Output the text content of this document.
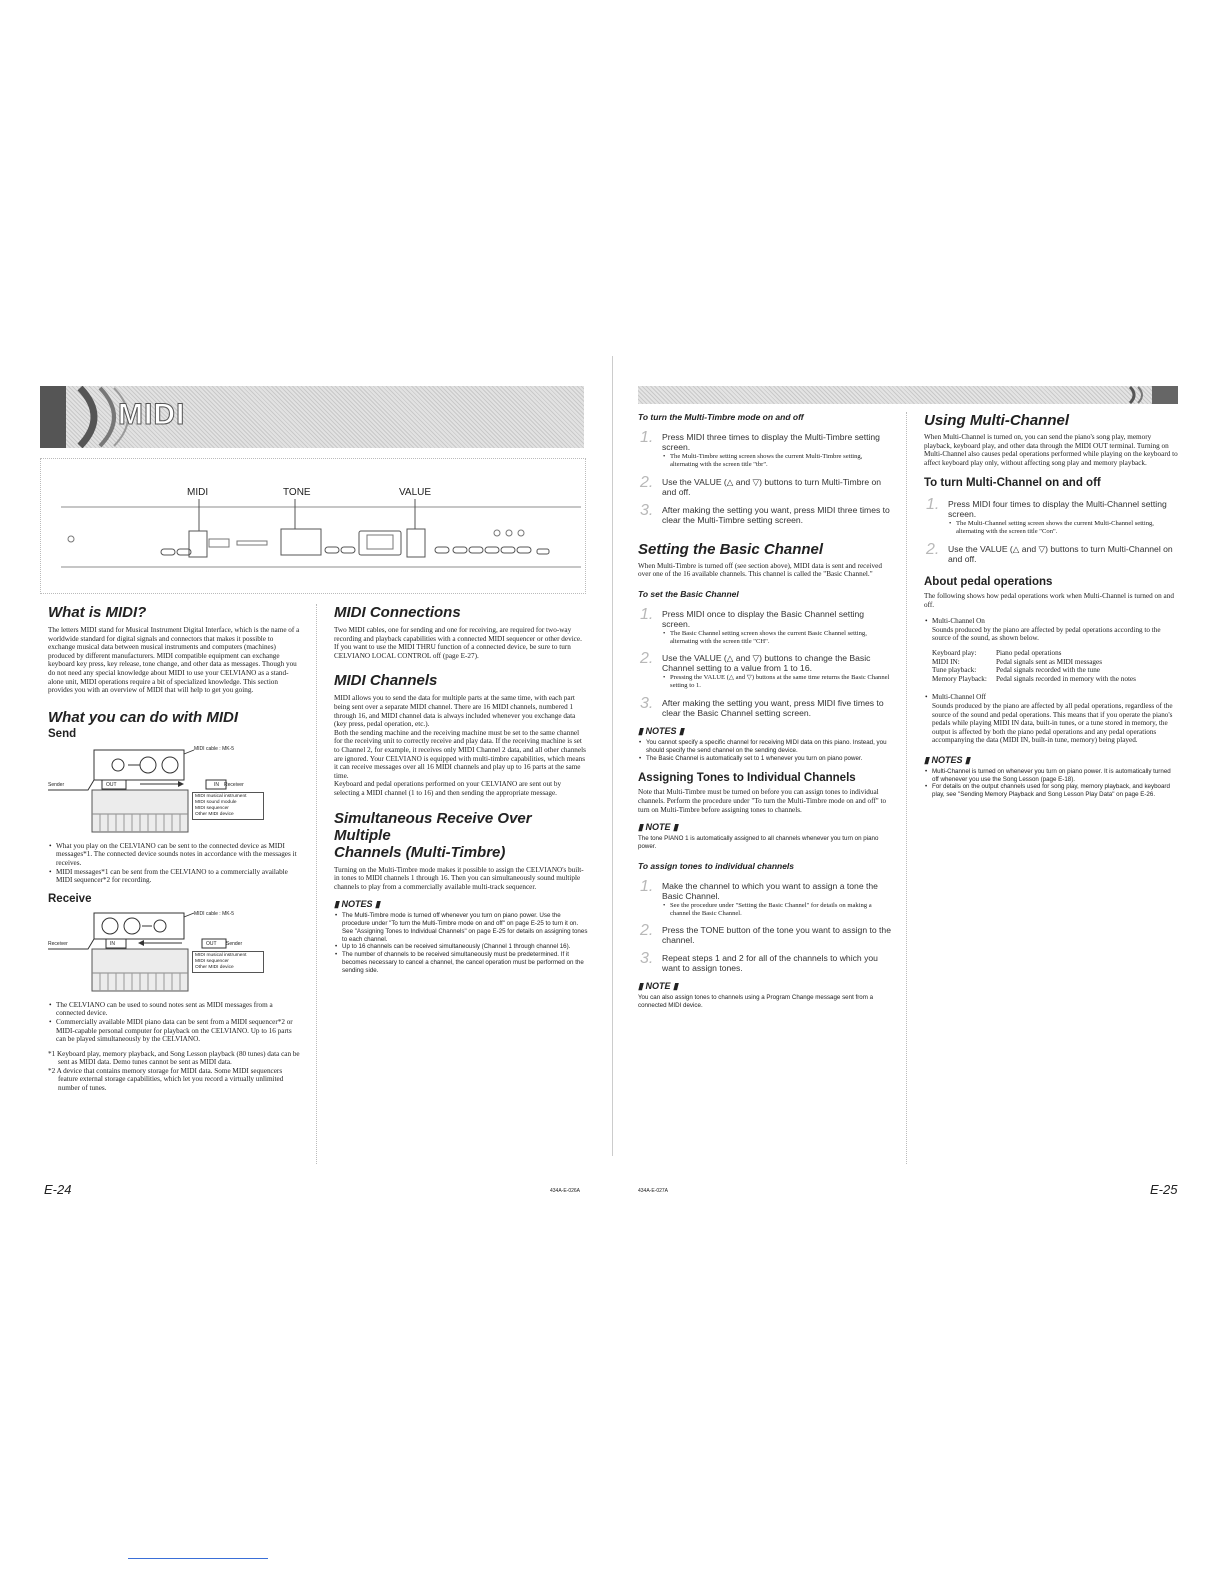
MIDI
MIDI	TONE	VALUE
What is MIDI?

The letters MIDI stand for Musical Instrument Digital Interface, which is the name of a worldwide standard for digital signals and connectors that makes it possible to exchange musical data between musical instruments and computers (machines) produced by different manufacturers. MIDI compatible equipment can exchange keyboard key press, key release, tone change, and other data as messages. Though you do not need any special knowledge about MIDI to use your CELVIANO as a stand-alone unit, MIDI operations require a bit of specialized knowledge. This section provides you with an overview of MIDI that will help to get you going.

What you can do with MIDI
Send
MIDI cable : MK-5
Sender	OUT	IN Receiver
MIDI musical instrument
MIDI sound module
MIDI sequencer
Other MIDI device
• What you play on the CELVIANO can be sent to the connected device as MIDI messages*1. The connected device sounds notes in accordance with the messages it receives.
• MIDI messages*1 can be sent from the CELVIANO to a commercially available MIDI sequencer*2 for recording.
Receive
MIDI cable : MK-5
Receiver	IN	OUT Sender
MIDI musical instrument
MIDI sequencer
Other MIDI device
• The CELVIANO can be used to sound notes sent as MIDI messages from a connected device.
• Commercially available MIDI piano data can be sent from a MIDI sequencer*2 or MIDI-capable personal computer for playback on the CELVIANO. Up to 16 parts can be played simultaneously by the CELVIANO.

*1 Keyboard play, memory playback, and Song Lesson playback (80 tunes) data can be sent as MIDI data. Demo tunes cannot be sent as MIDI data.

*2 A device that contains memory storage for MIDI data. Some MIDI sequencers feature external storage capabilities, which let you record a virtually unlimited number of tunes.

MIDI Connections

Two MIDI cables, one for sending and one for receiving, are required for two-way recording and playback capabilities with a connected MIDI sequencer or other device. If you want to use the MIDI THRU function of a connected device, be sure to turn CELVIANO LOCAL CONTROL off (page E-27).

MIDI Channels

MIDI allows you to send the data for multiple parts at the same time, with each part being sent over a separate MIDI channel. There are 16 MIDI channels, numbered 1 through 16, and MIDI channel data is always included whenever you exchange data (key press, pedal operation, etc.).

Both the sending machine and the receiving machine must be set to the same channel for the receiving unit to correctly receive and play data. If the receiving machine is set to Channel 2, for example, it receives only MIDI Channel 2 data, and all other channels are ignored. Your CELVIANO is equipped with multi-timbre capabilities, which means it can receive messages over all 16 MIDI channels and play up to 16 parts at the same time.

Keyboard and pedal operations performed on your CELVIANO are sent out by selecting a MIDI channel (1 to 16) and then sending the appropriate message.

Simultaneous Receive Over Multiple
Channels (Multi-Timbre)

Turning on the Multi-Timbre mode makes it possible to assign the CELVIANO's built-in tones to MIDI channels 1 through 16. Then you can simultaneously sound multiple channels to play from a commercially available multi-track sequencer.

▮ NOTES ▮

• The Multi-Timbre mode is turned off whenever you turn on piano power. Use the procedure under "To turn the Multi-Timbre mode on and off" on page E-25 to turn it on. See "Assigning Tones to Individual Channels" on page E-25 for details on assigning tones to each channel.
• Up to 16 channels can be received simultaneously (Channel 1 through channel 16).
• The number of channels to be received simultaneously must be predetermined. If it becomes necessary to cancel a channel, the cancel operation must be performed on the sending side.
E-24	434A-E-026A
To turn the Multi-Timbre mode on and off
1. Press MIDI three times to display the Multi-Timbre setting screen.

• The Multi-Timbre setting screen shows the current Multi-Timbre setting, alternating with the screen title "tbr".
2. Use the VALUE (△ and ▽) buttons to turn Multi-Timbre on and off.

3. After making the setting you want, press MIDI three times to clear the Multi-Timbre setting screen.

Setting the Basic Channel

When Multi-Timbre is turned off (see section above), MIDI data is sent and received over one of the 16 available channels. This channel is called the "Basic Channel."

To set the Basic Channel
1. Press MIDI once to display the Basic Channel setting screen.

• The Basic Channel setting screen shows the current Basic Channel setting, alternating with the screen title "CH".
2. Use the VALUE (△ and ▽) buttons to change the Basic Channel setting to a value from 1 to 16.

• Pressing the VALUE (△ and ▽) buttons at the same time returns the Basic Channel setting to 1.
3. After making the setting you want, press MIDI five times to clear the Basic Channel setting screen.

▮ NOTES ▮

• You cannot specify a specific channel for receiving MIDI data on this piano. Instead, you should specify the send channel on the sending device.
• The Basic Channel is automatically set to 1 whenever you turn on piano power.
Assigning Tones to Individual Channels

Note that Multi-Timbre must be turned on before you can assign tones to individual channels. Perform the procedure under "To turn the Multi-Timbre mode on and off" to turn on Multi-Timbre before assigning tones to channels.

▮ NOTE ▮

The tone PIANO 1 is automatically assigned to all channels whenever you turn on piano power.

To assign tones to individual channels
1. Make the channel to which you want to assign a tone the Basic Channel.

• See the procedure under "Setting the Basic Channel" for details on making a channel the Basic Channel.
2. Press the TONE button of the tone you want to assign to the channel.

3. Repeat steps 1 and 2 for all of the channels to which you want to assign tones.

▮ NOTE ▮

You can also assign tones to channels using a Program Change message sent from a connected MIDI device.

Using Multi-Channel

When Multi-Channel is turned on, you can send the piano's song play, memory playback, keyboard play, and other data through the MIDI OUT terminal. Turning on Multi-Channel also causes pedal operations performed while playing on the keyboard to affect keyboard play only, without affecting song play and memory playback.

To turn Multi-Channel on and off
1. Press MIDI four times to display the Multi-Channel setting screen.

• The Multi-Channel setting screen shows the current Multi-Channel setting, alternating with the screen title "Con".
2. Use the VALUE (△ and ▽) buttons to turn Multi-Channel on and off.

About pedal operations

The following shows how pedal operations work when Multi-Channel is turned on and off.

• Multi-Channel On
Sounds produced by the piano are affected by pedal operations according to the source of the sound, as shown below.
Keyboard play:	Piano pedal operations
MIDI IN:	Pedal signals sent as MIDI messages
Tune playback:	Pedal signals recorded with the tune
Memory Playback:	Pedal signals recorded in memory with the notes
• Multi-Channel Off
Sounds produced by the piano are affected by all pedal operations, regardless of the source of the sound and pedal operations. This means that if you operate the piano's pedals while playing MIDI IN data, built-in tunes, or a tune stored in memory, the output is affected by both the piano pedal operations and any pedal operations accompanying the data (MIDI IN, built-in tune, memory) being played.

▮ NOTES ▮

• Multi-Channel is turned on whenever you turn on piano power. It is automatically turned off whenever you use the Song Lesson (page E-18).
• For details on the output channels used for song play, memory playback, and keyboard play, see "Sending Memory Playback and Song Lesson Play Data" on page E-26.
434A-E-027A	E-25
